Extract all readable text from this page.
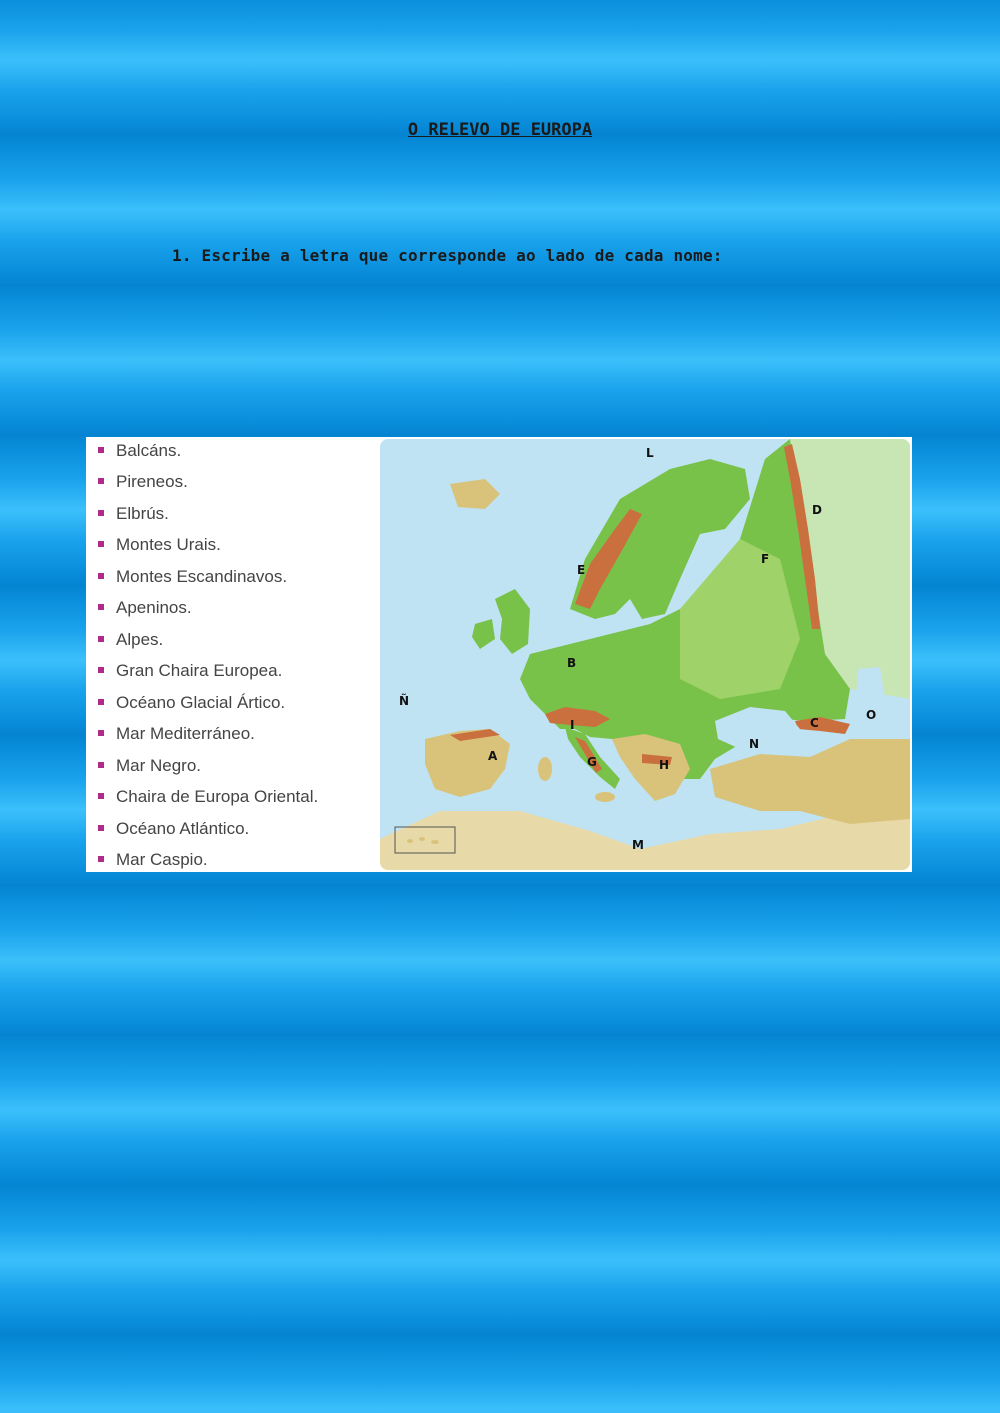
O RELEVO DE EUROPA
1. Escribe a letra que corresponde ao lado de cada nome:
Balcáns.
Pireneos.
Elbrús.
Montes Urais.
Montes Escandinavos.
Apeninos.
Alpes.
Gran Chaira Europea.
Océano Glacial Ártico.
Mar Mediterráneo.
Mar Negro.
Chaira de Europa Oriental.
Océano Atlántico.
Mar Caspio.
L
D
F
E
B
Ñ
I	C
O
N
A	G	H
M
